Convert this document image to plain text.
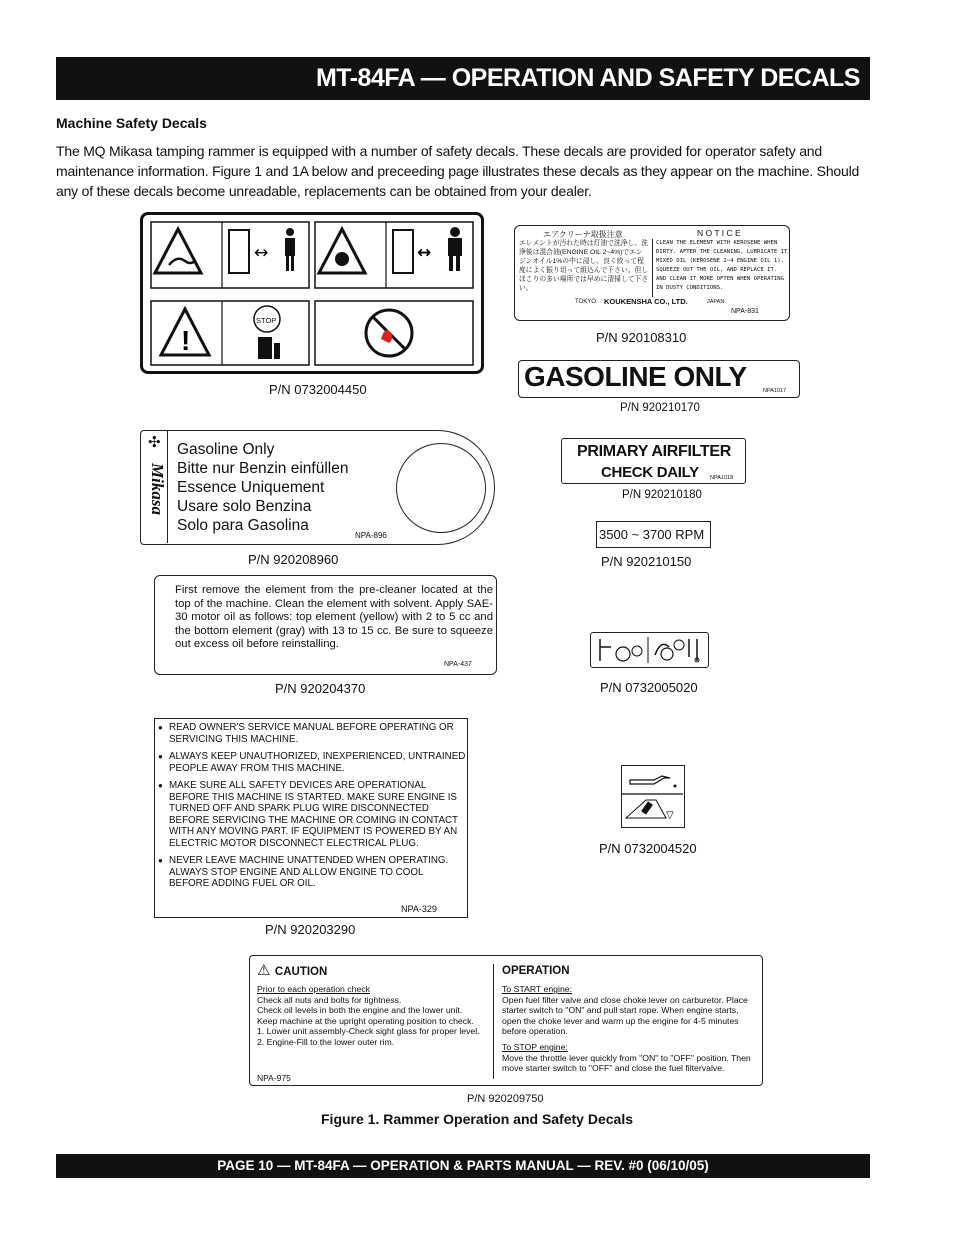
MT-84FA — OPERATION AND SAFETY DECALS
Machine Safety Decals
The MQ Mikasa tamping rammer is equipped with a number of safety decals. These decals are provided for operator safety and maintenance information. Figure 1 and 1A below and preceeding page illustrates these decals as they appear on the machine. Should any of these decals become unreadable, replacements can be obtained from your dealer.
↔	↔
!
STOP
P/N 0732004450
エアクリーナ取扱注意	N O T I C E
エレメントが汚れた時は灯油で洗浄し、洗浄後は混合油(ENGINE OIL 2~4%)でエンジンオイル1%の中に浸し、良く絞って程度によく振り切って組込んで下さい。但しほこりの多い場所では早めに清掃して下さい。
CLEAN THE ELEMENT WITH KEROSENE WHEN DIRTY. AFTER THE CLEANING, LUBRICATE IT MIXED OIL (KEROSENE 2~4 ENGINE OIL 1). SQUEEZE OUT THE OIL, AND REPLACE IT. AND CLEAN IT MORE OFTEN WHEN OPERATING IN DUSTY CONDITIONS.
TOKYO KOUKENSHA CO., LTD.	JAPAN
NPA-831
P/N 920108310
GASOLINE ONLY	NPA1017
P/N 920210170
PRIMARY AIRFILTER
CHECK DAILY NPA1018
P/N 920210180
3500 ~ 3700 RPM
P/N 920210150
P/N 0732005020
▽
P/N 0732004520
Mikasa
✣ Gasoline Only
Bitte nur Benzin einfüllen
Essence Uniquement
Usare solo Benzina
Solo para Gasolina
NPA-896
P/N 920208960
First remove the element from the pre-cleaner located at the top of the machine. Clean the element with solvent. Apply SAE-30 motor oil as follows: top element (yellow) with 2 to 5 cc and the bottom element (gray) with 13 to 15 cc. Be sure to squeeze out excess oil before reinstalling.
NPA-437
P/N 920204370
● READ OWNER'S SERVICE MANUAL BEFORE OPERATING OR SERVICING THIS MACHINE.
● ALWAYS KEEP UNAUTHORIZED, INEXPERIENCED, UNTRAINED PEOPLE AWAY FROM THIS MACHINE.
● MAKE SURE ALL SAFETY DEVICES ARE OPERATIONAL BEFORE THIS MACHINE IS STARTED. MAKE SURE ENGINE IS TURNED OFF AND SPARK PLUG WIRE DISCONNECTED BEFORE SERVICING THE MACHINE OR COMING IN CONTACT WITH ANY MOVING PART. IF EQUIPMENT IS POWERED BY AN ELECTRIC MOTOR DISCONNECT ELECTRICAL PLUG.
● NEVER LEAVE MACHINE UNATTENDED WHEN OPERATING. ALWAYS STOP ENGINE AND ALLOW ENGINE TO COOL BEFORE ADDING FUEL OR OIL.
NPA-329
P/N 920203290
⚠ CAUTION
Prior to each operation check
Check all nuts and bolts for tightness.
Check oil levels in both the engine and the lower unit.
Keep machine at the upright operating position to check.
1. Lower unit assembly-Check sight glass for proper level.
2. Engine-Fill to the lower outer rim.
NPA-975
OPERATION
To START engine:
Open fuel filter valve and close choke lever on carburetor. Place starter switch to "ON" and pull start rope. When engine starts, open the choke lever and warm up the engine for 4-5 minutes before operation.
To STOP engine:
Move the throttle lever quickly from "ON" to "OFF" position. Then move starter switch to "OFF" and close the fuel filtervalve.
P/N 920209750
Figure 1. Rammer Operation and Safety Decals
PAGE 10 — MT-84FA — OPERATION & PARTS MANUAL — REV. #0 (06/10/05)
